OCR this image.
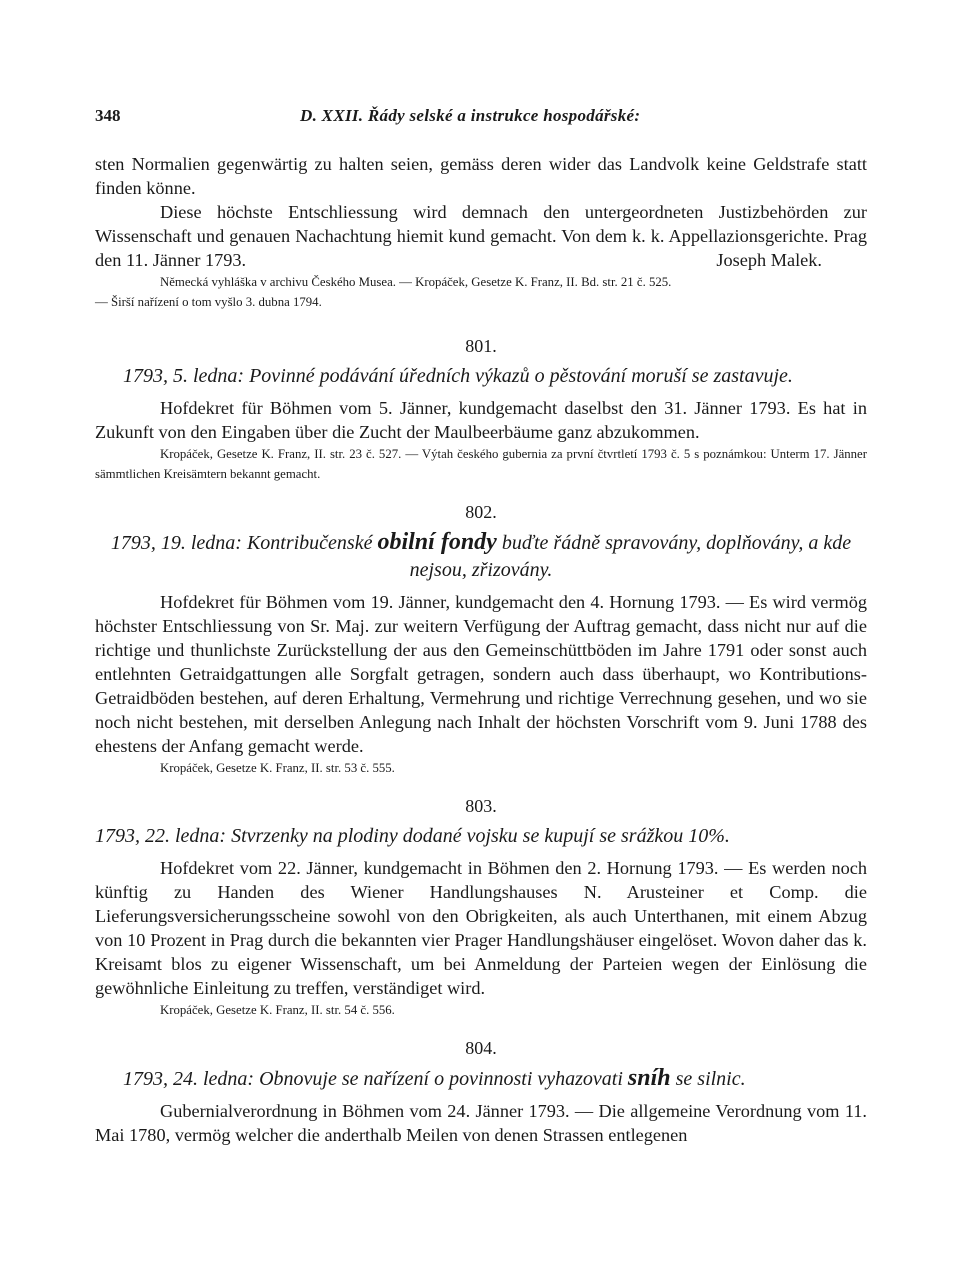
348	D. XXII. Řády selské a instrukce hospodářské:

sten Normalien gegenwärtig zu halten seien, gemäss deren wider das Landvolk keine Geldstrafe statt finden könne.

Diese höchste Entschliessung wird demnach den untergeordneten Justizbehörden zur Wissenschaft und genauen Nachachtung hiemit kund gemacht. Von dem k. k. Appellazionsgerichte. Prag den 11. Jänner 1793.	Joseph Malek.

Německá vyhláška v archivu Českého Musea. — Kropáček, Gesetze K. Franz, II. Bd. str. 21 č. 525.

— Širší nařízení o tom vyšlo 3. dubna 1794.

801.

1793, 5. ledna: Povinné podávání úředních výkazů o pěstování moruší se zastavuje.

Hofdekret für Böhmen vom 5. Jänner, kundgemacht daselbst den 31. Jänner 1793. Es hat in Zukunft von den Eingaben über die Zucht der Maulbeerbäume ganz abzukommen.

Kropáček, Gesetze K. Franz, II. str. 23 č. 527. — Výtah českého gubernia za první čtvrtletí 1793 č. 5 s poznámkou: Unterm 17. Jänner sämmtlichen Kreisämtern bekannt gemacht.

802.

1793, 19. ledna: Kontribučenské obilní fondy buďte řádně spravovány, doplňovány, a kde nejsou, zřizovány.

Hofdekret für Böhmen vom 19. Jänner, kundgemacht den 4. Hornung 1793. — Es wird vermög höchster Entschliessung von Sr. Maj. zur weitern Verfügung der Auftrag gemacht, dass nicht nur auf die richtige und thunlichste Zurückstellung der aus den Gemeinschüttböden im Jahre 1791 oder sonst auch entlehnten Getraidgattungen alle Sorgfalt getragen, sondern auch dass überhaupt, wo Kontributions-Getraidböden bestehen, auf deren Erhaltung, Vermehrung und richtige Verrechnung gesehen, und wo sie noch nicht bestehen, mit derselben Anlegung nach Inhalt der höchsten Vorschrift vom 9. Juni 1788 des ehestens der Anfang gemacht werde.

Kropáček, Gesetze K. Franz, II. str. 53 č. 555.

803.

1793, 22. ledna: Stvrzenky na plodiny dodané vojsku se kupují se srážkou 10%.

Hofdekret vom 22. Jänner, kundgemacht in Böhmen den 2. Hornung 1793. — Es werden noch künftig zu Handen des Wiener Handlungshauses N. Arusteiner et Comp. die Lieferungsversicherungsscheine sowohl von den Obrigkeiten, als auch Unterthanen, mit einem Abzug von 10 Prozent in Prag durch die bekannten vier Prager Handlungshäuser eingelöset. Wovon daher das k. Kreisamt blos zu eigener Wissenschaft, um bei Anmeldung der Parteien wegen der Einlösung die gewöhnliche Einleitung zu treffen, verständiget wird.

Kropáček, Gesetze K. Franz, II. str. 54 č. 556.

804.

1793, 24. ledna: Obnovuje se nařízení o povinnosti vyhazovati sníh se silnic.

Gubernialverordnung in Böhmen vom 24. Jänner 1793. — Die allgemeine Verordnung vom 11. Mai 1780, vermög welcher die anderthalb Meilen von denen Strassen entlegenen
